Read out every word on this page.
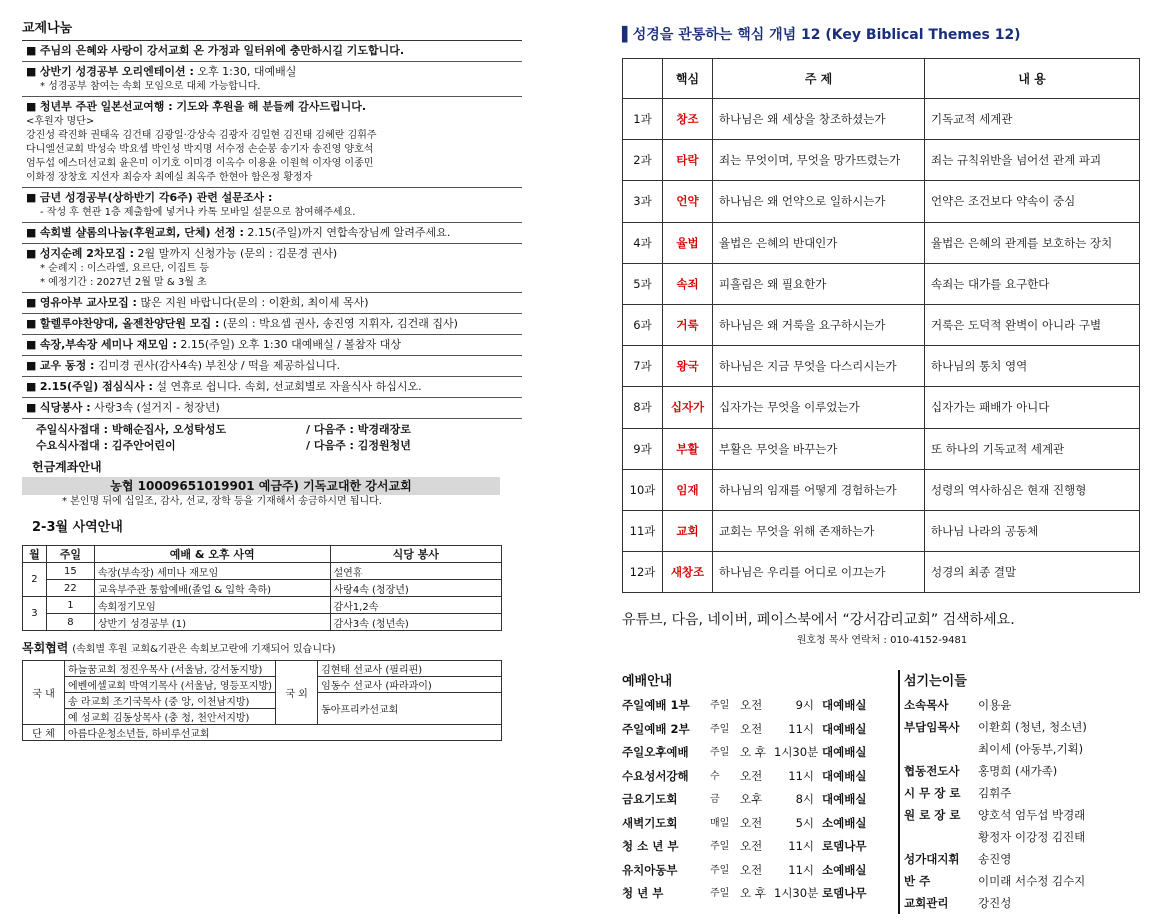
교제나눔
■ 주님의 은혜와 사랑이 강서교회 온 가정과 일터위에 충만하시길 기도합니다.
■ 상반기 성경공부 오리엔테이션 : 오후 1:30, 대예배실
* 성경공부 참여는 속회 모임으로 대체 가능합니다.
■ 청년부 주관 일본선교여행 : 기도와 후원을 해 분들께 감사드립니다.
<후원자 명단>
강진성 곽진화 권태옥 김건태 김광일·강상숙 김광자 김일현 김진태 김혜란 김휘주
다니엘선교회 박성숙 박요셉 박인성 박지명 서수정 손순봉 송기자 송진영 양호석
엄두섭 에스더선교회 윤은미 이기호 이미경 이옥수 이용윤 이원혁 이자영 이종민
이화정 장창호 지선자 최승자 최예실 최옥주 한현아 함은정 황정자
■ 금년 성경공부(상하반기 각6주) 관련 설문조사 :
- 작성 후 현관 1층 제출함에 넣거나 카톡 모바일 설문으로 참여해주세요.
■ 속회별 샬롬의나눔(후원교회, 단체) 선정 : 2.15(주일)까지 연합속장님께 알려주세요.
■ 성지순례 2차모집 : 2월 말까지 신청가능 (문의 : 김문경 권사)
* 순례지 : 이스라엘, 요르단, 이집트 등
* 예정기간 : 2027년 2월 말 & 3월 초
■ 영유아부 교사모집 : 많은 지원 바랍니다(문의 : 이환희, 최이세 목사)
■ 할렐루야찬양대, 올젠찬양단원 모집 : (문의 : 박요셉 권사, 송진영 지휘자, 김건래 집사)
■ 속장,부속장 세미나 재모임 : 2.15(주일) 오후 1:30 대예배실 / 볼참자 대상
■ 교우 동정 : 김미경 권사(감사4속) 부친상 / 떡을 제공하십니다.
■ 2.15(주일) 점심식사 : 설 연휴로 쉽니다. 속회, 선교회별로 자율식사 하십시오.
■ 식당봉사 : 사랑3속 (설거지 - 청장년)
주일식사접대 : 박해순집사, 오성탁성도	/ 다음주 : 박경래장로
수요식사접대 : 김주안어린이	/ 다음주 : 김정원청년
헌금계좌안내
농협 10009651019901 예금주) 기독교대한 강서교회
* 본인명 뒤에 십일조, 감사, 선교, 장학 등을 기재해서 송금하시면 됩니다.
2-3월 사역안내
월	주일	예배 & 오후 사역	식당 봉사
2	15	속장(부속장) 세미나 재모임	설연휴
	22	교육부주관 통합예배(졸업 & 입학 축하)	사랑4속 (청장년)
3	1	속회정기모임	감사1,2속
	8	상반기 성경공부 (1)	감사3속 (청년속)
목회협력 (속회별 후원 교회&기관은 속회보고란에 기재되어 있습니다)
국 내	하늘꿈교회 정진우목사 (서울남, 강서동지방)	국 외	김현태 선교사 (필리핀)
	에벤에셀교회 박역기목사 (서울남, 영등포지방)		임동수 선교사 (파라과이)
	송 라교회 조기국목사 (중 앙, 이천남지방)		동아프리카선교회
	예 성교회 김동상목사 (충 청, 천안서지방)		
단 체	아름다운청소년들, 하비루선교회		
▌성경을 관통하는 핵심 개념 12 (Key Biblical Themes 12)
	핵심	주 제	내 용
1과	창조	하나님은 왜 세상을 창조하셨는가	기독교적 세계관
2과	타락	죄는 무엇이며, 무엇을 망가뜨렸는가	죄는 규칙위반을 넘어선 관계 파괴
3과	언약	하나님은 왜 언약으로 일하시는가	언약은 조건보다 약속이 중심
4과	율법	율법은 은혜의 반대인가	율법은 은혜의 관계를 보호하는 장치
5과	속죄	피흘림은 왜 필요한가	속죄는 대가를 요구한다
6과	거룩	하나님은 왜 거룩을 요구하시는가	거룩은 도덕적 완벽이 아니라 구별
7과	왕국	하나님은 지금 무엇을 다스리시는가	하나님의 통치 영역
8과	십자가	십자가는 무엇을 이루었는가	십자가는 패배가 아니다
9과	부활	부활은 무엇을 바꾸는가	또 하나의 기독교적 세계관
10과	임재	하나님의 임재를 어떻게 경험하는가	성령의 역사하심은 현재 진행형
11과	교회	교회는 무엇을 위해 존재하는가	하나님 나라의 공동체
12과	새창조	하나님은 우리를 어디로 이끄는가	성경의 최종 결말
유튜브, 다음, 네이버, 페이스북에서 “강서감리교회” 검색하세요.
원호청 목사 연락처 : 010-4152-9481
예배안내
주일예배 1부	주일 오전	9시 대예배실
주일예배 2부	주일 오전	11시 대예배실
주일오후예배	주일 오 후 1시30분 대예배실
수요성서강해	수	오전	11시 대예배실
금요기도회	금	오후	8시 대예배실
새벽기도회	매일 오전	5시 소예배실
청 소 년 부	주일 오전	11시 로뎀나무
유치아동부	주일 오전	11시 소예배실
청 년 부	주일 오 후 1시30분 로뎀나무
섬기는이들
소속목사	이용윤
부담임목사	이환희 (청년, 청소년)
최이세 (아동부,기획)
협동전도사	홍명희 (새가족)
시 무 장 로	김휘주
원 로 장 로	양호석 엄두섭 박경래
황정자 이강정 김진태
성가대지휘	송진영
반 주	이미래 서수정 김수지
교회관리	강진성
